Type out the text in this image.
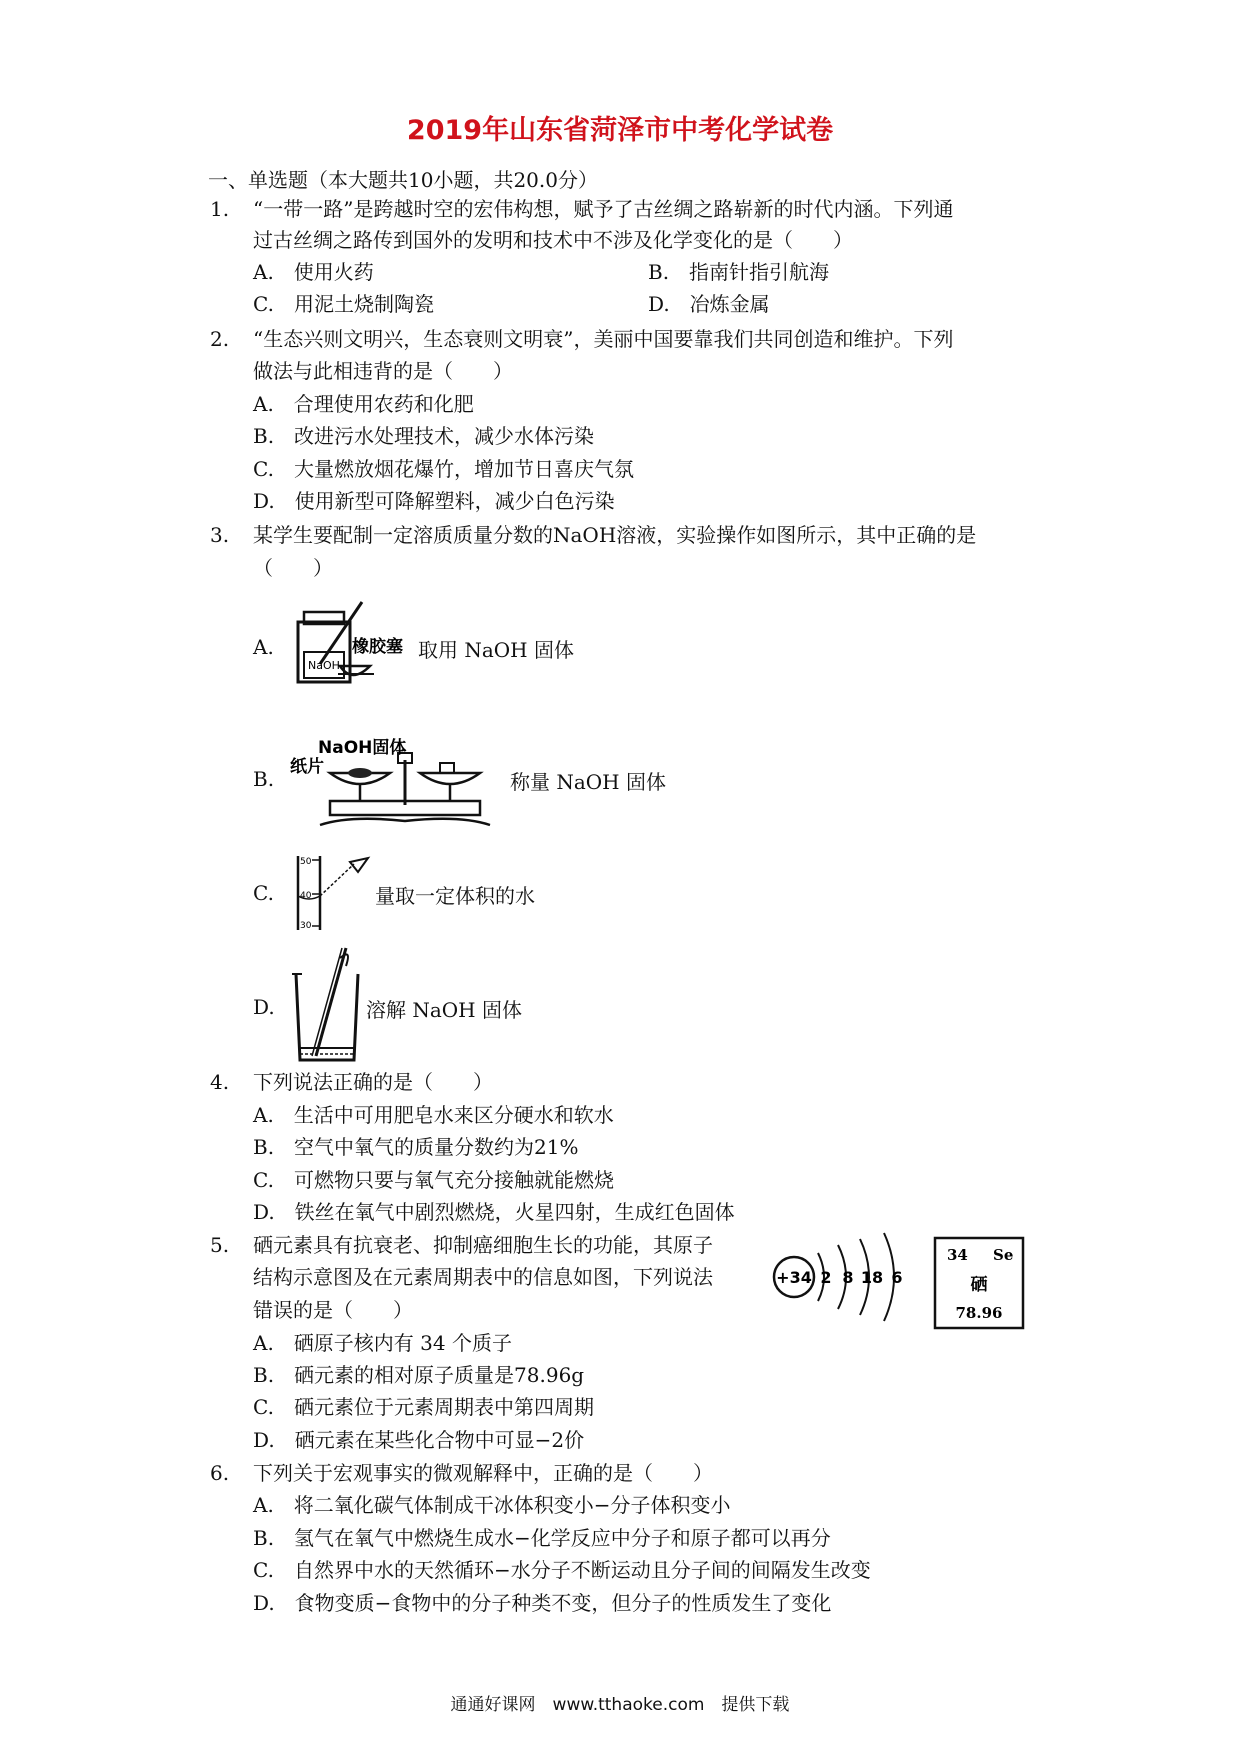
2019年山东省菏泽市中考化学试卷
一、单选题（本大题共10小题，共20.0分）
1. “一带一路”是跨越时空的宏伟构想，赋予了古丝绸之路崭新的时代内涵。下列通
过古丝绸之路传到国外的发明和技术中不涉及化学变化的是（　　）
A.　使用火药	B.　指南针指引航海
C.　用泥土烧制陶瓷	D.　冶炼金属
2. “生态兴则文明兴，生态衰则文明衰”，美丽中国要靠我们共同创造和维护。下列
做法与此相违背的是（　　）
A.　合理使用农药和化肥
B.　改进污水处理技术，减少水体污染
C.　大量燃放烟花爆竹，增加节日喜庆气氛
D.　使用新型可降解塑料，减少白色污染
3. 某学生要配制一定溶质质量分数的NaOH溶液，实验操作如图所示，其中正确的是
（　　）
A.
NaOH
橡胶塞 取用 NaOH 固体
B.
NaOH固体
纸片
称量 NaOH 固体
C.
50
40
30
量取一定体积的水
D.	溶解 NaOH 固体
4. 下列说法正确的是（　　）
A.　生活中可用肥皂水来区分硬水和软水
B.　空气中氧气的质量分数约为21%
C.　可燃物只要与氧气充分接触就能燃烧
D.　铁丝在氧气中剧烈燃烧，火星四射，生成红色固体
5. 硒元素具有抗衰老、抑制癌细胞生长的功能，其原子
结构示意图及在元素周期表中的信息如图，下列说法
错误的是（　　）
A.　硒原子核内有 34 个质子
B.　硒元素的相对原子质量是78.96g
C.　硒元素位于元素周期表中第四周期
D.　硒元素在某些化合物中可显−2价
+34 2 8 18 6
34 Se
硒
78.96
6. 下列关于宏观事实的微观解释中，正确的是（　　）
A.　将二氧化碳气体制成干冰体积变小−分子体积变小
B.　氢气在氧气中燃烧生成水−化学反应中分子和原子都可以再分
C.　自然界中水的天然循环−水分子不断运动且分子间的间隔发生改变
D.　食物变质−食物中的分子种类不变，但分子的性质发生了变化
通通好课网　www.tthaoke.com　提供下载
